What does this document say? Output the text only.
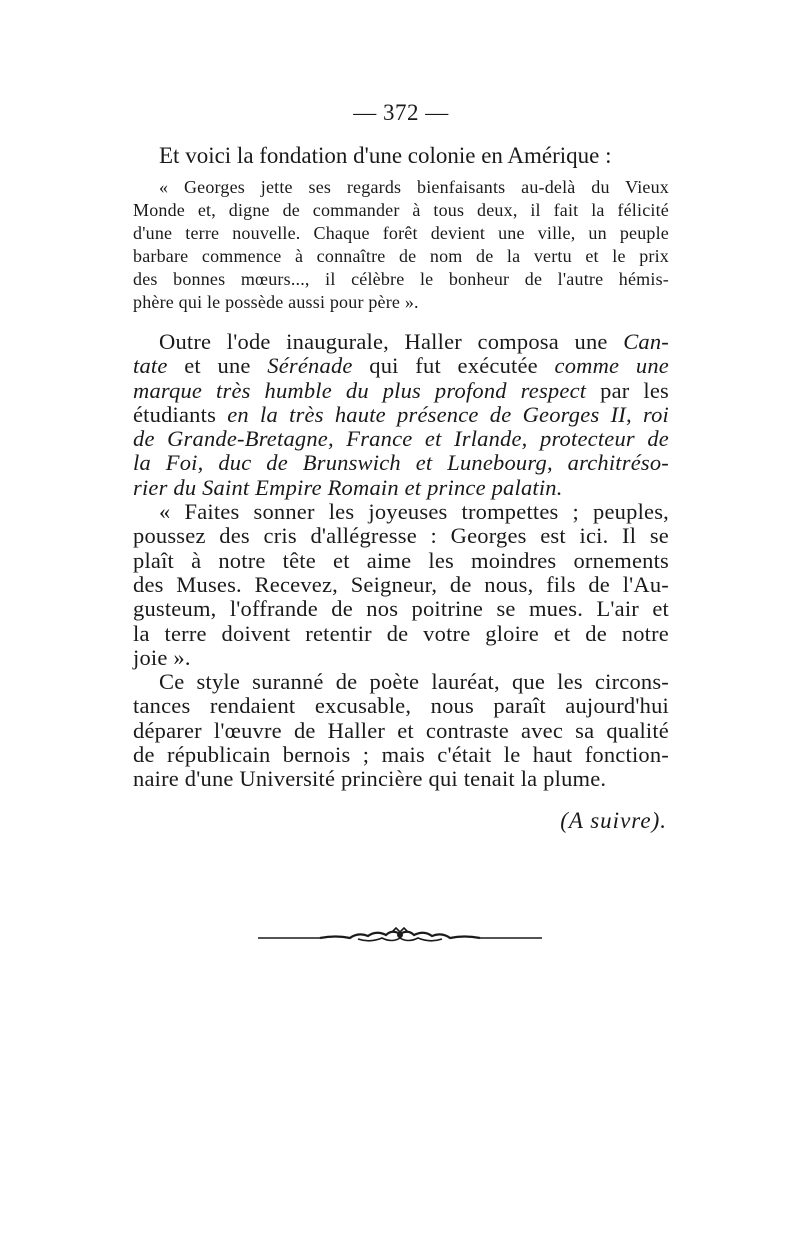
— 372 —

Et voici la fondation d'une colonie en Amérique :

« Georges jette ses regards bienfaisants au-delà du Vieux
Monde et, digne de commander à tous deux, il fait la félicité
d'une terre nouvelle. Chaque forêt devient une ville, un peuple
barbare commence à connaître de nom de la vertu et le prix
des bonnes mœurs..., il célèbre le bonheur de l'autre hémis-
phère qui le possède aussi pour père ».
Outre l'ode inaugurale, Haller composa une Can-
tate et une Sérénade qui fut exécutée comme une
marque très humble du plus profond respect par les
étudiants en la très haute présence de Georges II, roi
de Grande-Bretagne, France et Irlande, protecteur de
la Foi, duc de Brunswich et Lunebourg, architréso-
rier du Saint Empire Romain et prince palatin.
« Faites sonner les joyeuses trompettes ; peuples,
poussez des cris d'allégresse : Georges est ici. Il se
plaît à notre tête et aime les moindres ornements
des Muses. Recevez, Seigneur, de nous, fils de l'Au-
gusteum, l'offrande de nos poitrine se mues. L'air et
la terre doivent retentir de votre gloire et de notre
joie ».
Ce style suranné de poète lauréat, que les circons-
tances rendaient excusable, nous paraît aujourd'hui
déparer l'œuvre de Haller et contraste avec sa qualité
de républicain bernois ; mais c'était le haut fonction-
naire d'une Université princière qui tenait la plume.
(A suivre).
